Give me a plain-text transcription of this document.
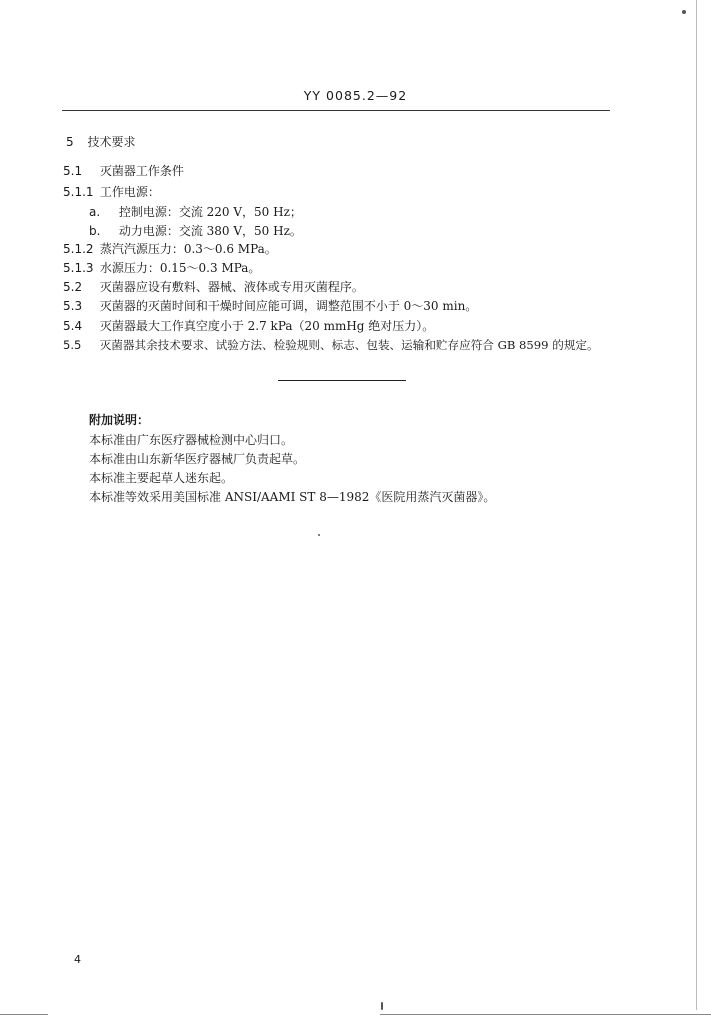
YY 0085.2—92
5 技术要求
5.1 灭菌器工作条件
5.1.1 工作电源：
a. 控制电源：交流 220 V，50 Hz；
b. 动力电源：交流 380 V，50 Hz。
5.1.2 蒸汽汽源压力：0.3～0.6 MPa。
5.1.3 水源压力：0.15～0.3 MPa。
5.2 灭菌器应设有敷料、器械、液体或专用灭菌程序。
5.3 灭菌器的灭菌时间和干燥时间应能可调，调整范围不小于 0～30 min。
5.4 灭菌器最大工作真空度小于 2.7 kPa（20 mmHg 绝对压力）。
5.5 灭菌器其余技术要求、试验方法、检验规则、标志、包装、运输和贮存应符合 GB 8599 的规定。
附加说明：
本标准由广东医疗器械检测中心归口。
本标准由山东新华医疗器械厂负责起草。
本标准主要起草人迷东起。
本标准等效采用美国标准 ANSI/AAMI ST 8—1982《医院用蒸汽灭菌器》。
4
